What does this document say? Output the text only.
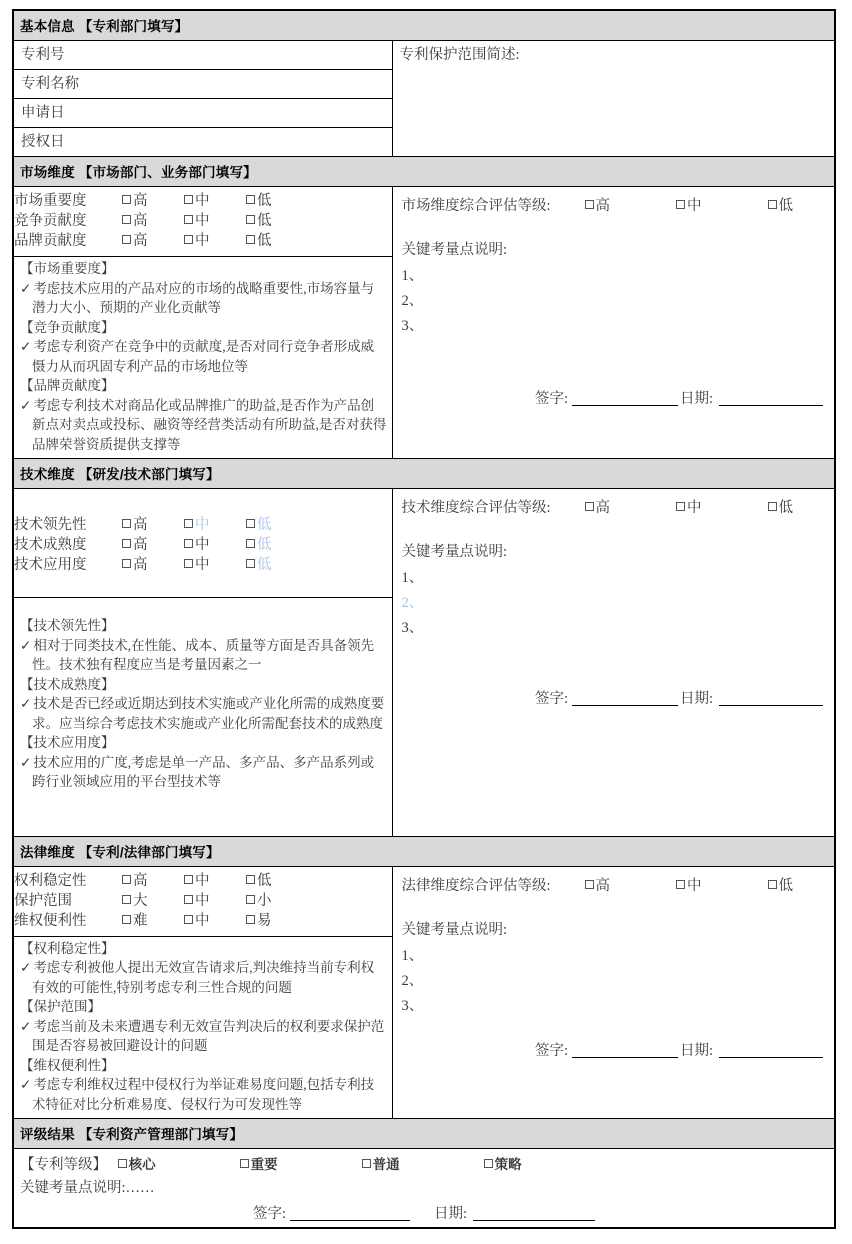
基本信息 【专利部门填写】
专利号	专利保护范围简述:

专利名称
申请日
授权日
市场维度 【市场部门、业务部门填写】

市场重要度	高	中	低	
竞争贡献度	高	中	低	
品牌贡献度	高	中	低	

【市场重要度】
✓ 考虑技术应用的产品对应的市场的战略重要性,市场容量与潜力大小、预期的产业化贡献等
【竞争贡献度】
✓ 考虑专利资产在竞争中的贡献度,是否对同行竞争者形成威慑力从而巩固专利产品的市场地位等
【品牌贡献度】
✓ 考虑专利技术对商品化或品牌推广的助益,是否作为产品创新点对卖点或投标、融资等经营类活动有所助益,是否对获得品牌荣誉资质提供支撑等

市场维度综合评估等级:	高	中	低
关键考量点说明:
1、
2、
3、
签字:	日期:

技术维度 【研发/技术部门填写】

技术领先性	高	中	低	
技术成熟度	高	中	低	
技术应用度	高	中	低	

【技术领先性】
✓ 相对于同类技术,在性能、成本、质量等方面是否具备领先性。技术独有程度应当是考量因素之一
【技术成熟度】
✓ 技术是否已经或近期达到技术实施或产业化所需的成熟度要求。应当综合考虑技术实施或产业化所需配套技术的成熟度
【技术应用度】
✓ 技术应用的广度,考虑是单一产品、多产品、多产品系列或跨行业领域应用的平台型技术等

技术维度综合评估等级:	高	中	低
关键考量点说明:
1、
2、
3、
签字:	日期:

法律维度 【专利/法律部门填写】

权利稳定性	高	中	低	
保护范围	大	中	小	
维权便利性	难	中	易	

【权利稳定性】
✓ 考虑专利被他人提出无效宣告请求后,判决维持当前专利权有效的可能性,特别考虑专利三性合规的问题
【保护范围】
✓ 考虑当前及未来遭遇专利无效宣告判决后的权利要求保护范围是否容易被回避设计的问题
【维权便利性】
✓ 考虑专利维权过程中侵权行为举证难易度问题,包括专利技术特征对比分析难易度、侵权行为可发现性等

法律维度综合评估等级:	高	中	低
关键考量点说明:
1、
2、
3、
签字:	日期:

评级结果 【专利资产管理部门填写】

【专利等级】 核心	重要	普通	策略
关键考量点说明:……
签字:	日期:
